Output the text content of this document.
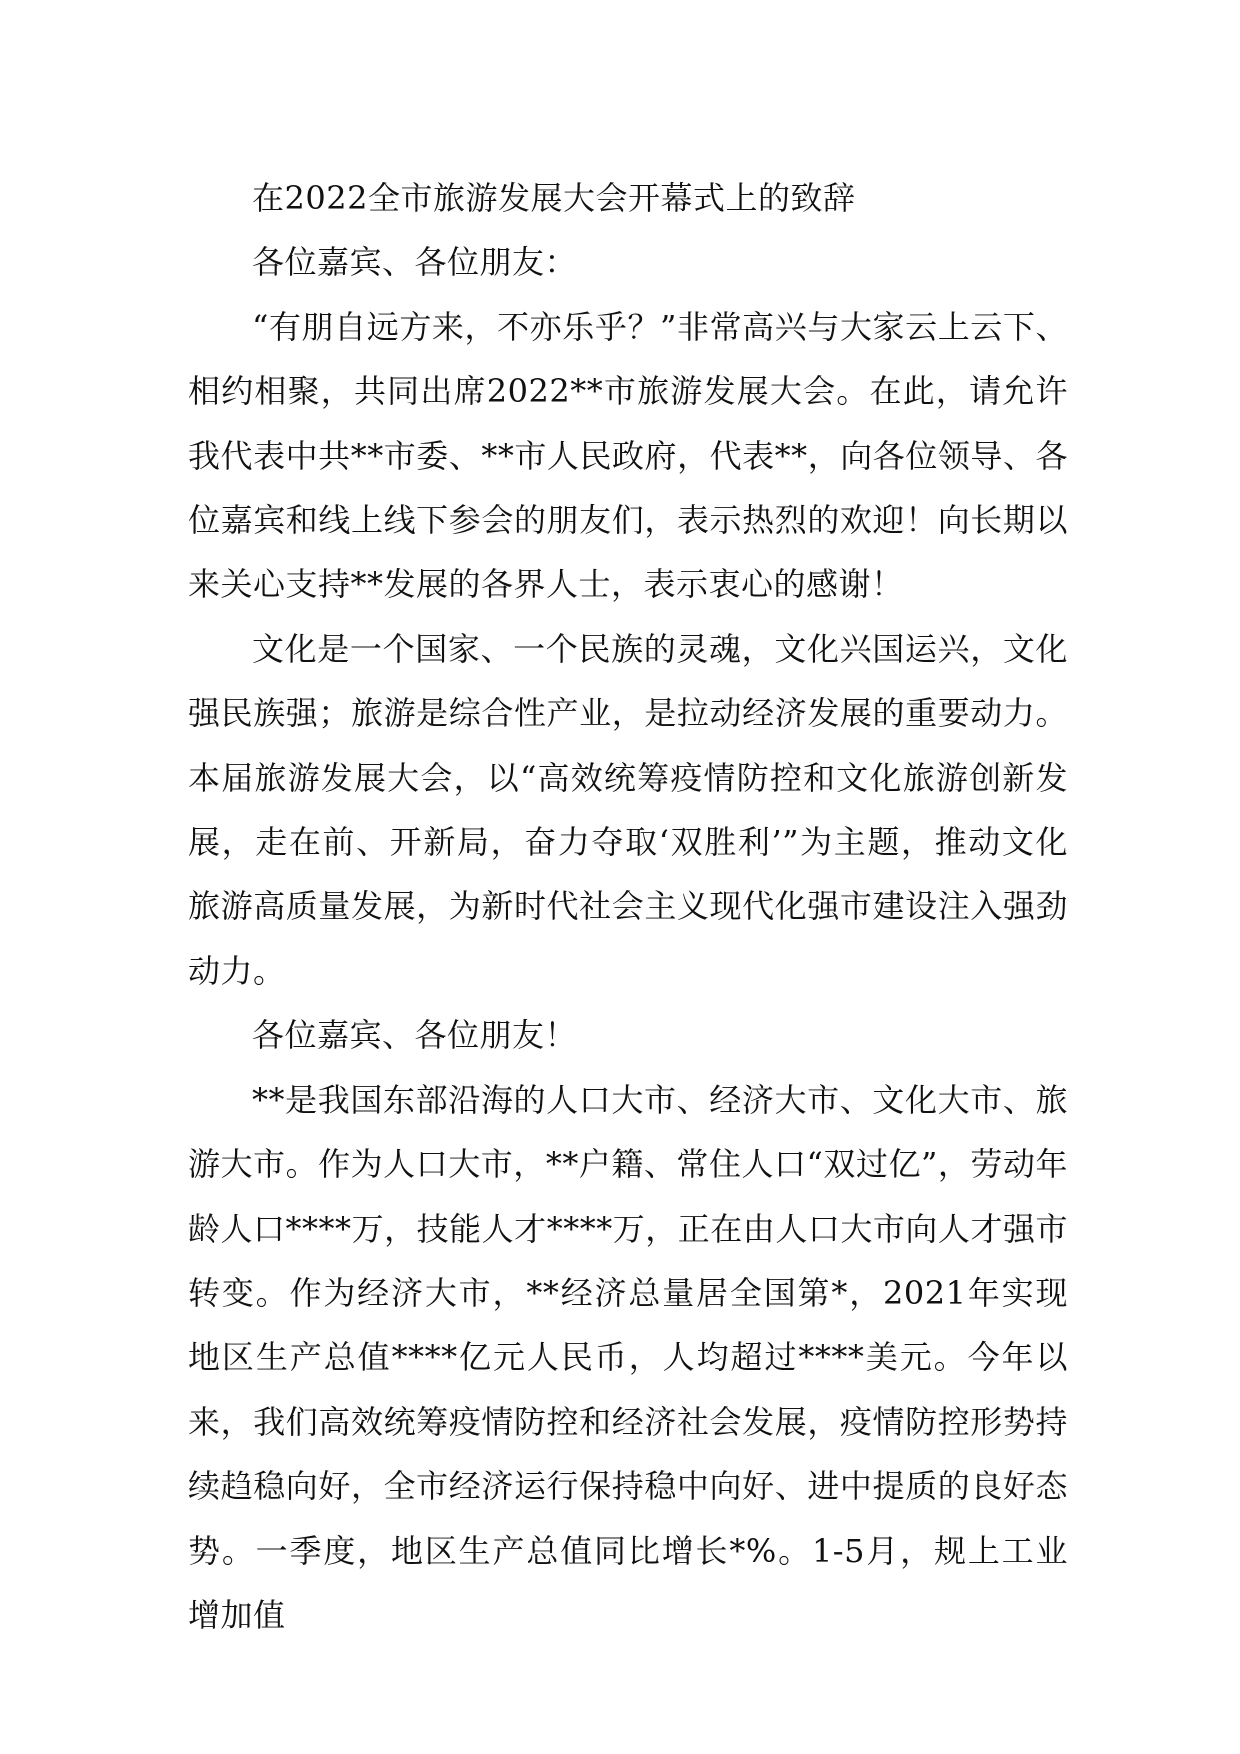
在2022全市旅游发展大会开幕式上的致辞

各位嘉宾、各位朋友：

“有朋自远方来，不亦乐乎？”非常高兴与大家云上云下、相约相聚，共同出席2022**市旅游发展大会。在此，请允许我代表中共**市委、**市人民政府，代表**，向各位领导、各位嘉宾和线上线下参会的朋友们，表示热烈的欢迎！向长期以来关心支持**发展的各界人士，表示衷心的感谢！

文化是一个国家、一个民族的灵魂，文化兴国运兴，文化强民族强；旅游是综合性产业，是拉动经济发展的重要动力。本届旅游发展大会，以“高效统筹疫情防控和文化旅游创新发展，走在前、开新局，奋力夺取‘双胜利’”为主题，推动文化旅游高质量发展，为新时代社会主义现代化强市建设注入强劲动力。

各位嘉宾、各位朋友！

**是我国东部沿海的人口大市、经济大市、文化大市、旅游大市。作为人口大市，**户籍、常住人口“双过亿”，劳动年龄人口****万，技能人才****万，正在由人口大市向人才强市转变。作为经济大市，**经济总量居全国第*，2021年实现地区生产总值****亿元人民币，人均超过****美元。今年以来，我们高效统筹疫情防控和经济社会发展，疫情防控形势持续趋稳向好，全市经济运行保持稳中向好、进中提质的良好态势。一季度，地区生产总值同比增长*%。1-5月，规上工业增加值
